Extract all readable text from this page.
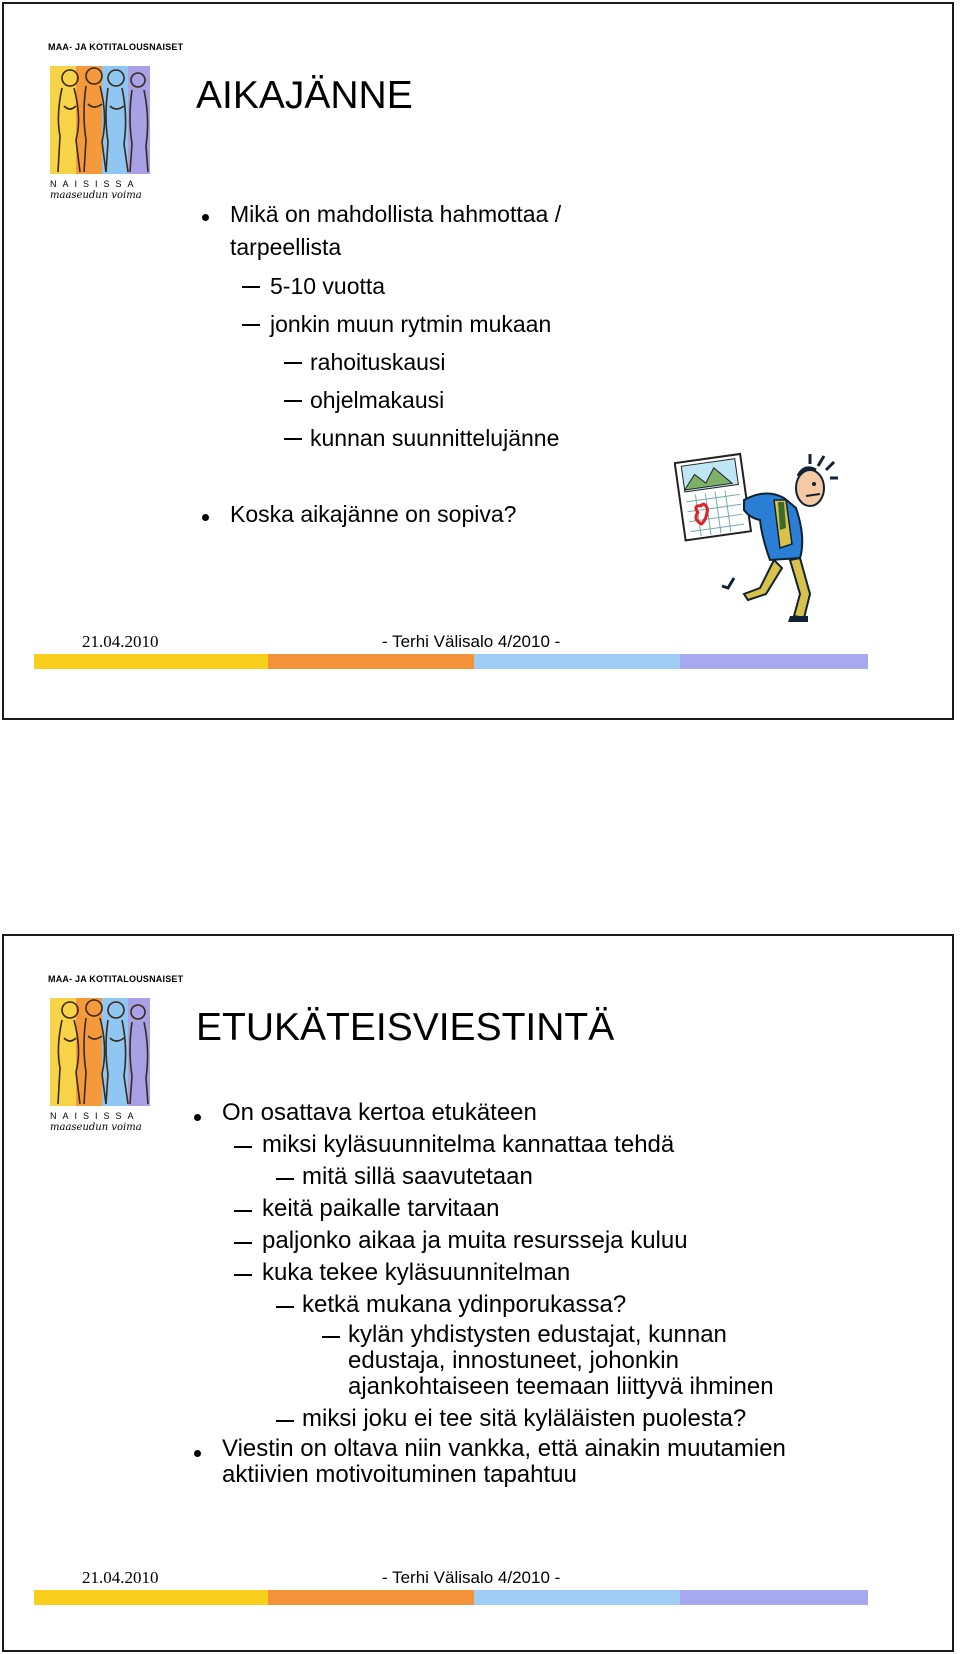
MAA- JA KOTITALOUSNAISET
NAISISSA
maaseudun voima
AIKAJÄNNE
Mikä on mahdollista hahmottaa /
tarpeellista
5-10 vuotta
jonkin muun rytmin mukaan
rahoituskausi
ohjelmakausi
kunnan suunnittelujänne
Koska aikajänne on sopiva?
21.04.2010	- Terhi Välisalo 4/2010 -
MAA- JA KOTITALOUSNAISET
NAISISSA
maaseudun voima
ETUKÄTEISVIESTINTÄ
On osattava kertoa etukäteen
miksi kyläsuunnitelma kannattaa tehdä
mitä sillä saavutetaan
keitä paikalle tarvitaan
paljonko aikaa ja muita resursseja kuluu
kuka tekee kyläsuunnitelman
ketkä mukana ydinporukassa?
kylän yhdistysten edustajat, kunnan
edustaja, innostuneet, johonkin
ajankohtaiseen teemaan liittyvä ihminen
miksi joku ei tee sitä kyläläisten puolesta?
Viestin on oltava niin vankka, että ainakin muutamien
aktiivien motivoituminen tapahtuu
21.04.2010	- Terhi Välisalo 4/2010 -
